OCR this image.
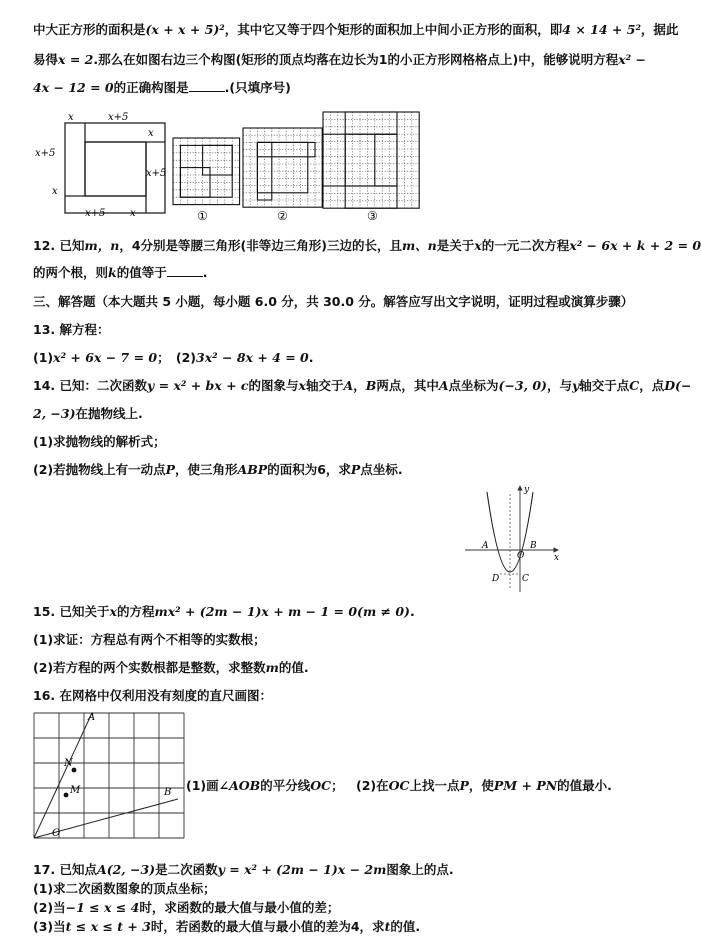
中大正方形的面积是(x + x + 5)²，其中它又等于四个矩形的面积加上中间小正方形的面积，即4 × 14 + 5²，据此
易得x = 2.那么在如图右边三个构图(矩形的顶点均落在边长为1的小正方形网格格点上)中，能够说明方程x² −
4x − 12 = 0的正确构图是	.(只填序号)
x	x+5
x
x+5
x+5
x
x+5 x	①	②	③
12. 已知m，n，4分别是等腰三角形(非等边三角形)三边的长，且m、n是关于x的一元二次方程x² − 6x + k + 2 = 0
的两个根，则k的值等于	.
三、解答题（本大题共 5 小题，每小题 6.0 分，共 30.0 分。解答应写出文字说明，证明过程或演算步骤）
13. 解方程：
(1)x² + 6x − 7 = 0；　(2)3x² − 8x + 4 = 0.
14. 已知：二次函数y = x² + bx + c的图象与x轴交于A，B两点，其中A点坐标为(−3, 0)，与y轴交于点C，点D(−
2, −3)在抛物线上.
(1)求抛物线的解析式；
(2)若抛物线上有一动点P，使三角形ABP的面积为6，求P点坐标.
y
x
A	B
O
D	C
15. 已知关于x的方程mx² + (2m − 1)x + m − 1 = 0(m ≠ 0).
(1)求证：方程总有两个不相等的实数根；
(2)若方程的两个实数根都是整数，求整数m的值.
16. 在网格中仅利用没有刻度的直尺画图：
A
N
M	B
O
(1)画∠AOB的平分线OC； (2)在OC上找一点P，使PM + PN的值最小.
17. 已知点A(2, −3)是二次函数y = x² + (2m − 1)x − 2m图象上的点.
(1)求二次函数图象的顶点坐标；
(2)当−1 ≤ x ≤ 4时，求函数的最大值与最小值的差；
(3)当t ≤ x ≤ t + 3时，若函数的最大值与最小值的差为4，求t的值.
